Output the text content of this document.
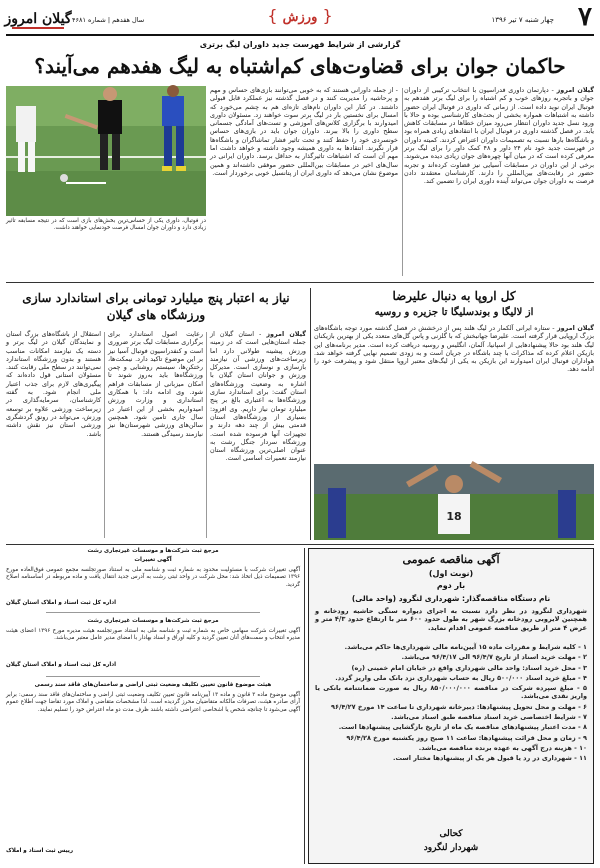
۷
چهار شنبه ۷ تیر ۱۳۹۶
{ ورزش }
گیلان امروز سال هفدهم | شماره ۴۶۸۱
گزارشی از شرایط فهرست جدید داوران لیگ برتری
حاکمان جوان برای قضاوت‌های کم‌اشتباه به لیگ هفدهم می‌آیند؟
گیلان امروز - دپارتمان داوری فدراسیون با انتخاب ترکیبی از داوران جوان و باتجربه روزهای خوب و کم اشتباه را برای لیگ برتر هفدهم به فوتبال ایران نوید داده است. از زمانی که داوری در فوتبال ایران حضور داشته به اشتباهات همواره بخشی از بحث‌های کارشناسی بوده و حالا با ورود نسل جدید داوران انتظار می‌رود میزان خطاها در مسابقات کاهش یابد. در فصل گذشته داوری در فوتبال ایران با انتقادهای زیادی همراه بود و باشگاه‌ها بارها نسبت به تصمیمات داوران اعتراض کردند. کمیته داوران در فهرست جدید خود نام ۲۴ داور و ۴۸ کمک داور را برای لیگ برتر معرفی کرده است که در میان آنها چهره‌های جوان زیادی دیده می‌شوند. برخی از این داوران در مسابقات آسیایی نیز قضاوت کرده‌اند و تجربه حضور در رقابت‌های بین‌المللی را دارند. کارشناسان معتقدند دادن فرصت به داوران جوان می‌تواند آینده داوری ایران را تضمین کند.
- از جمله داورانی هستند که به خوبی می‌توانند بازی‌های حساس و مهم و پرحاشیه را مدیریت کنند و در فصل گذشته نیز عملکرد قابل قبولی داشتند. در کنار این داوران نام‌های تازه‌ای هم به چشم می‌خورد که امسال برای نخستین بار در لیگ برتر سوت خواهند زد. مسئولان داوری امیدوارند با برگزاری کلاس‌های آموزشی و تست‌های آمادگی جسمانی سطح داوری را بالا ببرند. داوران جوان باید در بازی‌های حساس خونسردی خود را حفظ کنند و تحت تاثیر فشار تماشاگران و باشگاه‌ها قرار نگیرند. انتقادها به داوری همیشه وجود داشته و خواهد داشت اما مهم آن است که اشتباهات تاثیرگذار به حداقل برسد. داوران ایرانی در سال‌های اخیر در مسابقات بین‌المللی حضور موفقی داشته‌اند و همین موضوع نشان می‌دهد که داوری ایران از پتانسیل خوبی برخوردار است.
در فوتبال، داوری یکی از حساس‌ترین بخش‌های بازی است که در نتیجه مسابقه تاثیر زیادی دارد و داوران جوان امسال فرصت خودنمایی خواهند داشت.
کل اروپا به دنبال علیرضا
از لالیگا و بوندسلیگا تا جزیره و روسیه
گیلان امروز - ستاره ایرانی آلکمار در لیگ هلند پس از درخشش در فصل گذشته مورد توجه باشگاه‌های بزرگ اروپایی قرار گرفته است. علیرضا جهانبخش که با گلزنی و پاس گل‌های متعدد یکی از بهترین بازیکنان لیگ هلند بود حالا پیشنهادهایی از اسپانیا، آلمان، انگلیس و روسیه دریافت کرده است. مدیر برنامه‌های این بازیکن اعلام کرده که مذاکرات با چند باشگاه در جریان است و به زودی تصمیم نهایی گرفته خواهد شد. هواداران فوتبال ایران امیدوارند این بازیکن به یکی از لیگ‌های معتبر اروپا منتقل شود و پیشرفت خود را ادامه دهد.
18
نیاز به اعتبار پنج میلیارد تومانی برای استاندارد سازی ورزشگاه های گیلان
گیلان امروز - استان گیلان از جمله استان‌هایی است که در زمینه ورزش پیشینه طولانی دارد اما زیرساخت‌های ورزشی آن نیازمند بازسازی و نوسازی است. مدیرکل ورزش و جوانان استان گیلان با اشاره به وضعیت ورزشگاه‌های استان گفت: برای استاندارد سازی ورزشگاه‌ها به اعتباری بالغ بر پنج میلیارد تومان نیاز داریم. وی افزود: بسیاری از ورزشگاه‌های استان قدمتی بیش از چند دهه دارند و تجهیزات آنها فرسوده شده است. ورزشگاه سردار جنگل رشت به عنوان اصلی‌ترین ورزشگاه استان نیازمند تعمیرات اساسی است.
رعایت اصول استاندارد برای برگزاری مسابقات لیگ برتر ضروری است و کنفدراسیون فوتبال آسیا نیز بر این موضوع تاکید دارد. نیمکت‌ها، رختکن‌ها، سیستم روشنایی و چمن ورزشگاه‌ها باید به‌روز شوند تا امکان میزبانی از مسابقات فراهم شود. وی ادامه داد: با همکاری استانداری و وزارت ورزش امیدواریم بخشی از این اعتبار در سال جاری تامین شود. همچنین سالن‌های ورزشی شهرستان‌ها نیز نیازمند رسیدگی هستند.
استقلال از باشگاه‌های بزرگ استان و نمایندگان گیلان در لیگ برتر و دسته یک نیازمند امکانات مناسب هستند و بدون ورزشگاه استاندارد نمی‌توانند در سطح ملی رقابت کنند. مسئولان استانی قول داده‌اند که پیگیری‌های لازم برای جذب اعتبار ملی انجام شود. به گفته کارشناسان، سرمایه‌گذاری در زیرساخت ورزشی علاوه بر توسعه ورزش، می‌تواند در رونق گردشگری ورزشی استان نیز نقش داشته باشد.
مرجع ثبت شرکت‌ها و موسسات غیرتجاری رشت
آگهی تغییرات
آگهی تغییرات شرکت با مسئولیت محدود به شماره ثبت و شناسه ملی به استناد صورتجلسه مجمع عمومی فوق‌العاده مورخ ۱۳۹۶ تصمیمات ذیل اتخاذ شد: محل شرکت در واحد ثبتی رشت به آدرس جدید انتقال یافت و ماده مربوطه در اساسنامه اصلاح گردید.
اداره کل ثبت اسناد و املاک استان گیلان
مرجع ثبت شرکت‌ها و موسسات غیرتجاری رشت
آگهی تغییرات شرکت سهامی خاص به شماره ثبت و شناسه ملی به استناد صورتجلسه هیئت مدیره مورخ ۱۳۹۶ اعضای هیئت مدیره انتخاب و سمت‌های آنان تعیین گردید و کلیه اوراق و اسناد بهادار با امضای مدیر عامل معتبر می‌باشد.
اداره کل ثبت اسناد و املاک استان گیلان
هیئت موضوع قانون تعیین تکلیف وضعیت ثبتی اراضی و ساختمان‌های فاقد سند رسمی
آگهی موضوع ماده ۳ قانون و ماده ۱۳ آیین‌نامه قانون تعیین تکلیف وضعیت ثبتی اراضی و ساختمان‌های فاقد سند رسمی: برابر آرای صادره هیئت، تصرفات مالکانه متقاضیان محرز گردیده است. لذا مشخصات متقاضی و املاک مورد تقاضا جهت اطلاع عموم آگهی می‌شود تا چنانچه شخص یا اشخاصی اعتراضی داشته باشند ظرف مدت دو ماه اعتراض خود را تسلیم نمایند.
رییس ثبت اسناد و املاک
آگهی مناقصه عمومی
(نوبت اول)
بار دوم
نام دستگاه مناقصه‌گذار: شهرداری لنگرود (واحد مالی)
شهرداری لنگرود در نظر دارد نسبت به اجرای دیواره سنگی حاشیه رودخانه و همچنین لایروبی رودخانه بزرگ شهر به طول حدود ۶۰۰ متر با ارتفاع حدود ۴/۳ متر و عرض ۴ متر از طریق مناقصه عمومی اقدام نماید.
۱ - کلیه شرایط و مقررات ماده ۱۵ آیین‌نامه مالی شهرداری‌ها حاکم می‌باشد.
۲ - مهلت خرید اسناد از تاریخ ۹۶/۴/۷ الی ۹۶/۴/۱۷ می‌باشد.
۳ - محل خرید اسناد: واحد مالی شهرداری واقع در خیابان امام خمینی (ره)
۴ - مبلغ خرید اسناد ۵۰۰/۰۰۰ ریال به حساب شهرداری نزد بانک ملی واریز گردد.
۵ - مبلغ سپرده شرکت در مناقصه ۸۵۰/۰۰۰/۰۰۰ ریال به صورت ضمانتنامه بانکی یا واریز نقدی می‌باشد.
۶ - مهلت و محل تحویل پیشنهادها: دبیرخانه شهرداری تا ساعت ۱۴ مورخ ۹۶/۴/۲۷
۷ - شرایط اختصاصی خرید اسناد مناقصه طبق اسناد می‌باشد.
۸ - مدت اعتبار پیشنهادهای مناقصه یک ماه از تاریخ بازگشایی پیشنهادها است.
۹ - زمان و محل قرائت پیشنهادها: ساعت ۱۱ صبح روز یکشنبه مورخ ۹۶/۴/۲۸
۱۰ - هزینه درج آگهی به عهده برنده مناقصه می‌باشد.
۱۱ - شهرداری در رد یا قبول هر یک از پیشنهادها مختار است.
کحالی
شهردار لنگرود
